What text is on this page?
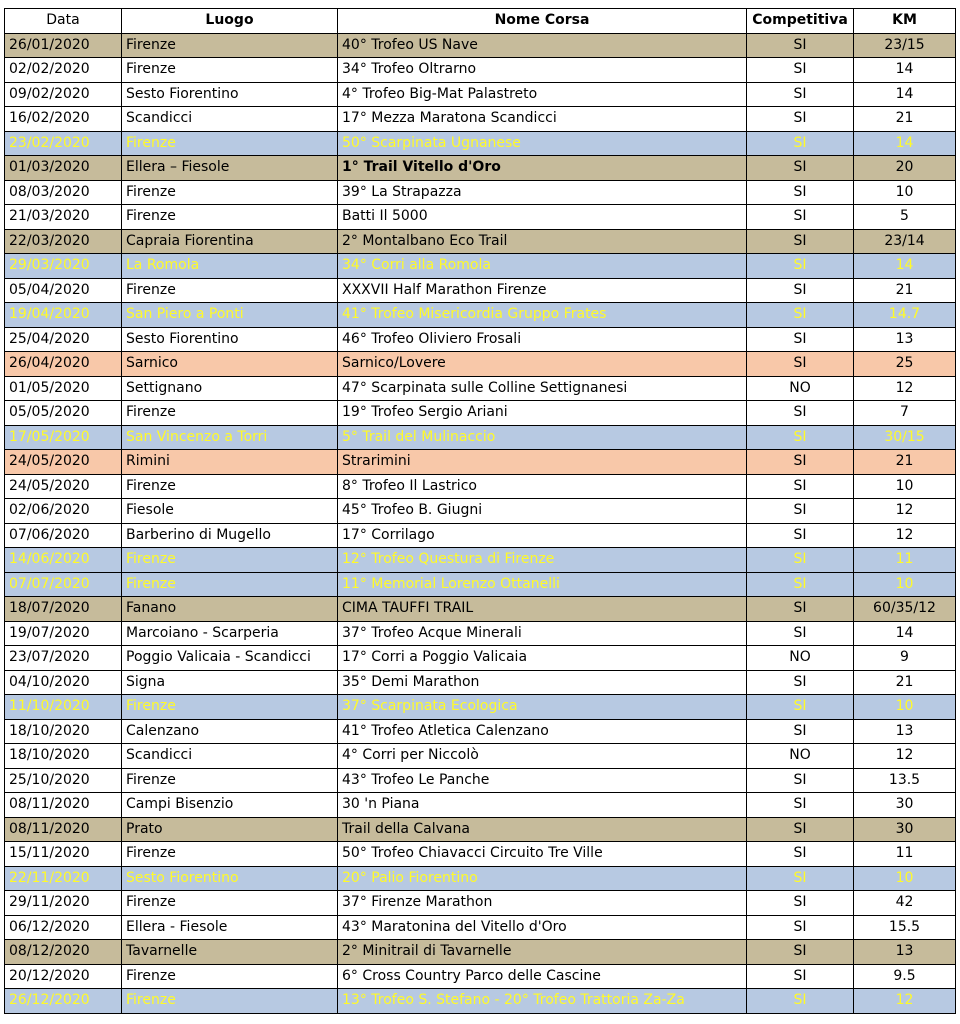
Data	Luogo	Nome Corsa	Competitiva	KM
26/01/2020	Firenze	40° Trofeo US Nave	SI	23/15
02/02/2020	Firenze	34° Trofeo Oltrarno	SI	14
09/02/2020	Sesto Fiorentino	4° Trofeo Big-Mat Palastreto	SI	14
16/02/2020	Scandicci	17° Mezza Maratona Scandicci	SI	21
23/02/2020	Firenze	50° Scarpinata Ugnanese	SI	14
01/03/2020	Ellera – Fiesole	1° Trail Vitello d'Oro	SI	20
08/03/2020	Firenze	39° La Strapazza	SI	10
21/03/2020	Firenze	Batti Il 5000	SI	5
22/03/2020	Capraia Fiorentina	2° Montalbano Eco Trail	SI	23/14
29/03/2020	La Romola	34° Corri alla Romola	SI	14
05/04/2020	Firenze	XXXVII Half Marathon Firenze	SI	21
19/04/2020	San Piero a Ponti	41° Trofeo Misericordia Gruppo Frates	SI	14.7
25/04/2020	Sesto Fiorentino	46° Trofeo Oliviero Frosali	SI	13
26/04/2020	Sarnico	Sarnico/Lovere	SI	25
01/05/2020	Settignano	47° Scarpinata sulle Colline Settignanesi	NO	12
05/05/2020	Firenze	19° Trofeo Sergio Ariani	SI	7
17/05/2020	San Vincenzo a Torri	5° Trail del Mulinaccio	SI	30/15
24/05/2020	Rimini	Strarimini	SI	21
24/05/2020	Firenze	8° Trofeo Il Lastrico	SI	10
02/06/2020	Fiesole	45° Trofeo B. Giugni	SI	12
07/06/2020	Barberino di Mugello	17° Corrilago	SI	12
14/06/2020	Firenze	12° Trofeo Questura di Firenze	SI	11
07/07/2020	Firenze	11° Memorial Lorenzo Ottanelli	SI	10
18/07/2020	Fanano	CIMA TAUFFI TRAIL	SI	60/35/12
19/07/2020	Marcoiano - Scarperia	37° Trofeo Acque Minerali	SI	14
23/07/2020	Poggio Valicaia - Scandicci	17° Corri a Poggio Valicaia	NO	9
04/10/2020	Signa	35° Demi Marathon	SI	21
11/10/2020	Firenze	37° Scarpinata Ecologica	SI	10
18/10/2020	Calenzano	41° Trofeo Atletica Calenzano	SI	13
18/10/2020	Scandicci	4° Corri per Niccolò	NO	12
25/10/2020	Firenze	43° Trofeo Le Panche	SI	13.5
08/11/2020	Campi Bisenzio	30 'n Piana	SI	30
08/11/2020	Prato	Trail della Calvana	SI	30
15/11/2020	Firenze	50° Trofeo Chiavacci Circuito Tre Ville	SI	11
22/11/2020	Sesto Fiorentino	20° Palio Fiorentino	SI	10
29/11/2020	Firenze	37° Firenze Marathon	SI	42
06/12/2020	Ellera - Fiesole	43° Maratonina del Vitello d'Oro	SI	15.5
08/12/2020	Tavarnelle	2° Minitrail di Tavarnelle	SI	13
20/12/2020	Firenze	6° Cross Country Parco delle Cascine	SI	9.5
26/12/2020	Firenze	13° Trofeo S. Stefano - 20° Trofeo Trattoria Za-Za	SI	12
